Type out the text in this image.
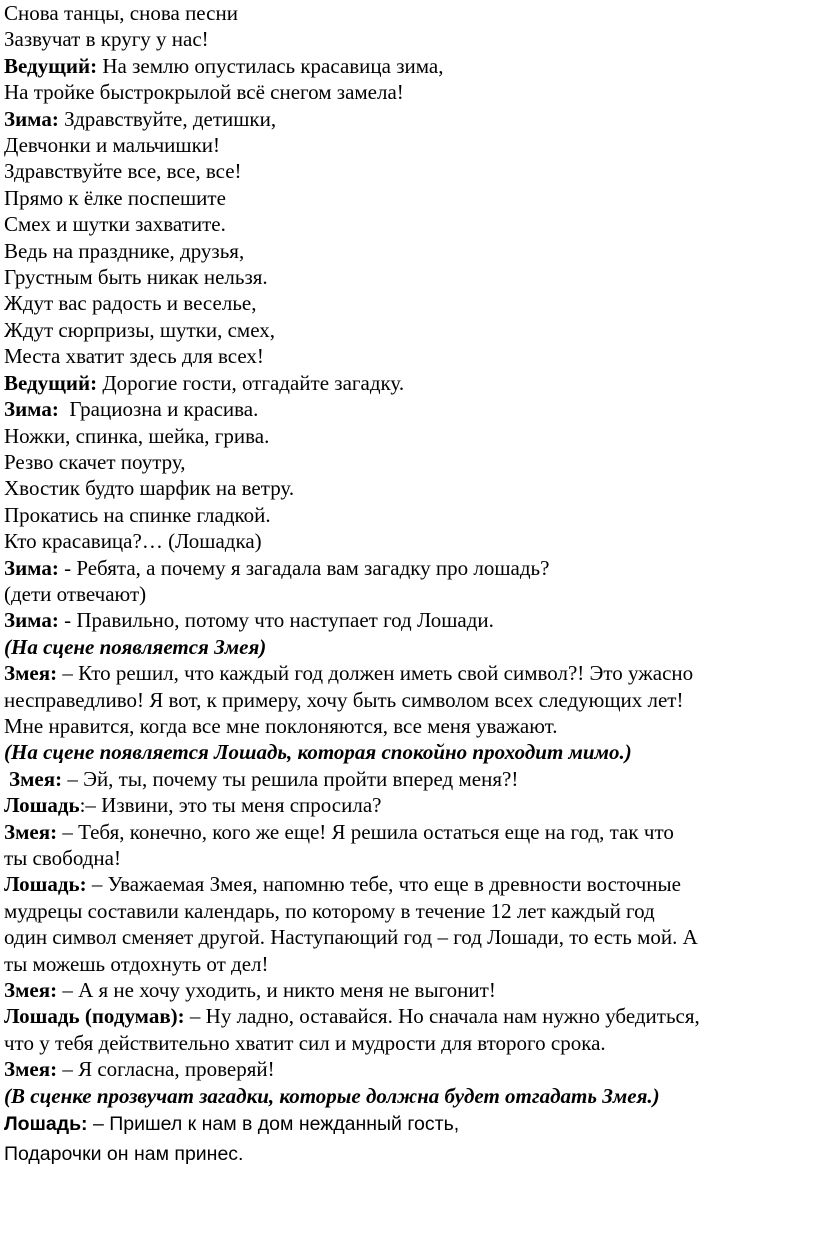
Снова танцы, снова песни

Зазвучат в кругу у нас!

Ведущий: На землю опустилась красавица зима,

На тройке быстрокрылой всё снегом замела!

Зима: Здравствуйте, детишки,

Девчонки и мальчишки!

Здравствуйте все, все, все!

Прямо к ёлке поспешите

Смех и шутки захватите.

Ведь на празднике, друзья,

Грустным быть никак нельзя.

Ждут вас радость и веселье,

Ждут сюрпризы, шутки, смех,

Места хватит здесь для всех!

Ведущий: Дорогие гости, отгадайте загадку.

Зима:  Грациозна и красива.

Ножки, спинка, шейка, грива.

Резво скачет поутру,

Хвостик будто шарфик на ветру.

Прокатись на спинке гладкой.

Кто красавица?… (Лошадка)

Зима: - Ребята, а почему я загадала вам загадку про лошадь?

(дети отвечают)

Зима: - Правильно, потому что наступает год Лошади.

(На сцене появляется Змея)

Змея: – Кто решил, что каждый год должен иметь свой символ?! Это ужасно

несправедливо! Я вот, к примеру, хочу быть символом всех следующих лет!

Мне нравится, когда все мне поклоняются, все меня уважают.

(На сцене появляется Лошадь, которая спокойно проходит мимо.)

Змея: – Эй, ты, почему ты решила пройти вперед меня?!

Лошадь:– Извини, это ты меня спросила?

Змея: – Тебя, конечно, кого же еще! Я решила остаться еще на год, так что

ты свободна!

Лошадь: – Уважаемая Змея, напомню тебе, что еще в древности восточные

мудрецы составили календарь, по которому в течение 12 лет каждый год

один символ сменяет другой. Наступающий год – год Лошади, то есть мой. А

ты можешь отдохнуть от дел!

Змея: – А я не хочу уходить, и никто меня не выгонит!

Лошадь (подумав): – Ну ладно, оставайся. Но сначала нам нужно убедиться,

что у тебя действительно хватит сил и мудрости для второго срока.

Змея: – Я согласна, проверяй!

(В сценке прозвучат загадки, которые должна будет отгадать Змея.)

Лошадь: – Пришел к нам в дом нежданный гость,

Подарочки он нам принес.
